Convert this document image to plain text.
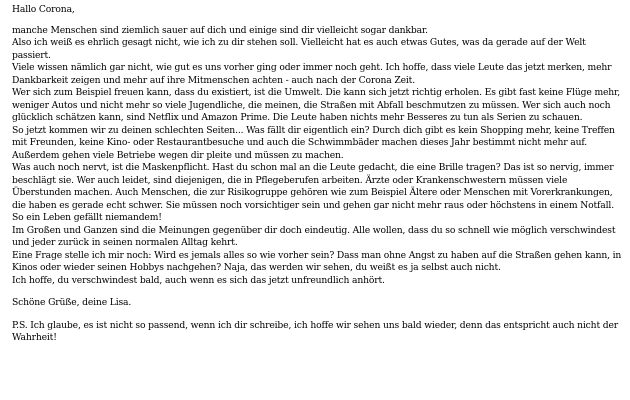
Hallo Corona,

manche Menschen sind ziemlich sauer auf dich und einige sind dir vielleicht sogar dankbar.

Also ich weiß es ehrlich gesagt nicht, wie ich zu dir stehen soll. Vielleicht hat es auch etwas Gutes, was da gerade auf der Welt passiert.

Viele wissen nämlich gar nicht, wie gut es uns vorher ging oder immer noch geht. Ich hoffe, dass viele Leute das jetzt merken, mehr Dankbarkeit zeigen und mehr auf ihre Mitmenschen achten - auch nach der Corona Zeit.

Wer sich zum Beispiel freuen kann, dass du existiert, ist die Umwelt. Die kann sich jetzt richtig erholen. Es gibt fast keine Flüge mehr, weniger Autos und nicht mehr so viele Jugendliche, die meinen, die Straßen mit Abfall beschmutzen zu müssen. Wer sich auch noch glücklich schätzen kann, sind Netflix und Amazon Prime. Die Leute haben nichts mehr Besseres zu tun als Serien zu schauen.

So jetzt kommen wir zu deinen schlechten Seiten... Was fällt dir eigentlich ein? Durch dich gibt es kein Shopping mehr, keine Treffen mit Freunden, keine Kino- oder Restaurantbesuche und auch die Schwimmbäder machen dieses Jahr bestimmt nicht mehr auf. Außerdem gehen viele Betriebe wegen dir pleite und müssen zu machen.

Was auch noch nervt, ist die Maskenpflicht. Hast du schon mal an die Leute gedacht, die eine Brille tragen? Das ist so nervig, immer beschlägt sie. Wer auch leidet, sind diejenigen, die in Pflegeberufen arbeiten. Ärzte oder Krankenschwestern müssen viele Überstunden machen. Auch Menschen, die zur Risikogruppe gehören wie zum Beispiel Ältere oder Menschen mit Vorerkrankungen, die haben es gerade echt schwer. Sie müssen noch vorsichtiger sein und gehen gar nicht mehr raus oder höchstens in einem Notfall. So ein Leben gefällt niemandem!

Im Großen und Ganzen sind die Meinungen gegenüber dir doch eindeutig. Alle wollen, dass du so schnell wie möglich verschwindest und jeder zurück in seinen normalen Alltag kehrt.

Eine Frage stelle ich mir noch: Wird es jemals alles so wie vorher sein? Dass man ohne Angst zu haben auf die Straßen gehen kann, in Kinos oder wieder seinen Hobbys nachgehen? Naja, das werden wir sehen, du weißt es ja selbst auch nicht.

Ich hoffe, du verschwindest bald, auch wenn es sich das jetzt unfreundlich anhört.

Schöne Grüße, deine Lisa.

P.S. Ich glaube, es ist nicht so passend, wenn ich dir schreibe, ich hoffe wir sehen uns bald wieder, denn das entspricht auch nicht der Wahrheit!
